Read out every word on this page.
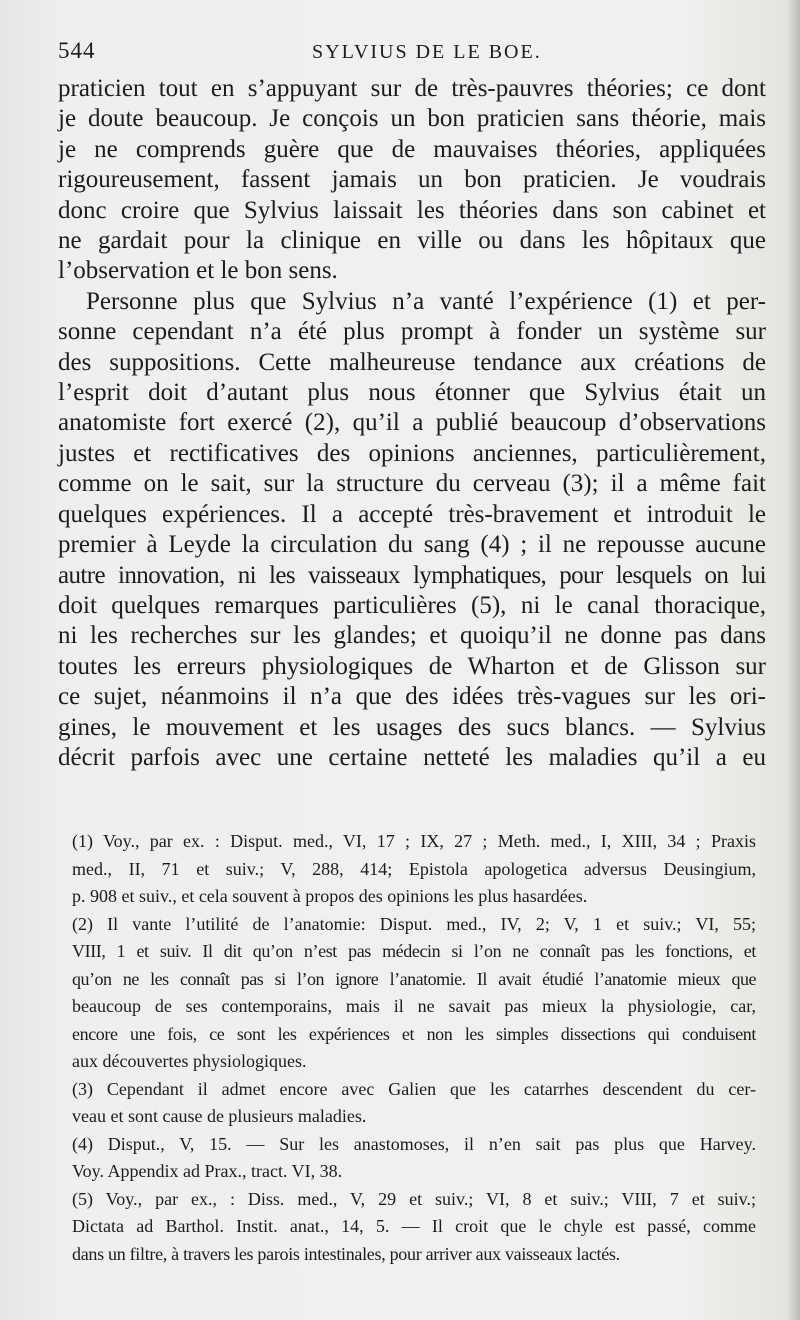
544	SYLVIUS DE LE BOE.
praticien tout en s’appuyant sur de très-pauvres théories; ce dont
je doute beaucoup. Je conçois un bon praticien sans théorie, mais
je ne comprends guère que de mauvaises théories, appliquées
rigoureusement, fassent jamais un bon praticien. Je voudrais
donc croire que Sylvius laissait les théories dans son cabinet et
ne gardait pour la clinique en ville ou dans les hôpitaux que
l’observation et le bon sens.
Personne plus que Sylvius n’a vanté l’expérience (1) et per-
sonne cependant n’a été plus prompt à fonder un système sur
des suppositions. Cette malheureuse tendance aux créations de
l’esprit doit d’autant plus nous étonner que Sylvius était un
anatomiste fort exercé (2), qu’il a publié beaucoup d’observations
justes et rectificatives des opinions anciennes, particulièrement,
comme on le sait, sur la structure du cerveau (3); il a même fait
quelques expériences. Il a accepté très-bravement et introduit le
premier à Leyde la circulation du sang (4) ; il ne repousse aucune
autre innovation, ni les vaisseaux lymphatiques, pour lesquels on lui
doit quelques remarques particulières (5), ni le canal thoracique,
ni les recherches sur les glandes; et quoiqu’il ne donne pas dans
toutes les erreurs physiologiques de Wharton et de Glisson sur
ce sujet, néanmoins il n’a que des idées très-vagues sur les ori-
gines, le mouvement et les usages des sucs blancs. — Sylvius
décrit parfois avec une certaine netteté les maladies qu’il a eu
(1) Voy., par ex. : Disput. med., VI, 17 ; IX, 27 ; Meth. med., I, XIII, 34 ; Praxis
med., II, 71 et suiv.; V, 288, 414; Epistola apologetica adversus Deusingium,
p. 908 et suiv., et cela souvent à propos des opinions les plus hasardées.
(2) Il vante l’utilité de l’anatomie: Disput. med., IV, 2; V, 1 et suiv.; VI, 55;
VIII, 1 et suiv. Il dit qu’on n’est pas médecin si l’on ne connaît pas les fonctions, et
qu’on ne les connaît pas si l’on ignore l’anatomie. Il avait étudié l’anatomie mieux que
beaucoup de ses contemporains, mais il ne savait pas mieux la physiologie, car,
encore une fois, ce sont les expériences et non les simples dissections qui conduisent
aux découvertes physiologiques.
(3) Cependant il admet encore avec Galien que les catarrhes descendent du cer-
veau et sont cause de plusieurs maladies.
(4) Disput., V, 15. — Sur les anastomoses, il n’en sait pas plus que Harvey.
Voy. Appendix ad Prax., tract. VI, 38.
(5) Voy., par ex., : Diss. med., V, 29 et suiv.; VI, 8 et suiv.; VIII, 7 et suiv.;
Dictata ad Barthol. Instit. anat., 14, 5. — Il croit que le chyle est passé, comme
dans un filtre, à travers les parois intestinales, pour arriver aux vaisseaux lactés.
